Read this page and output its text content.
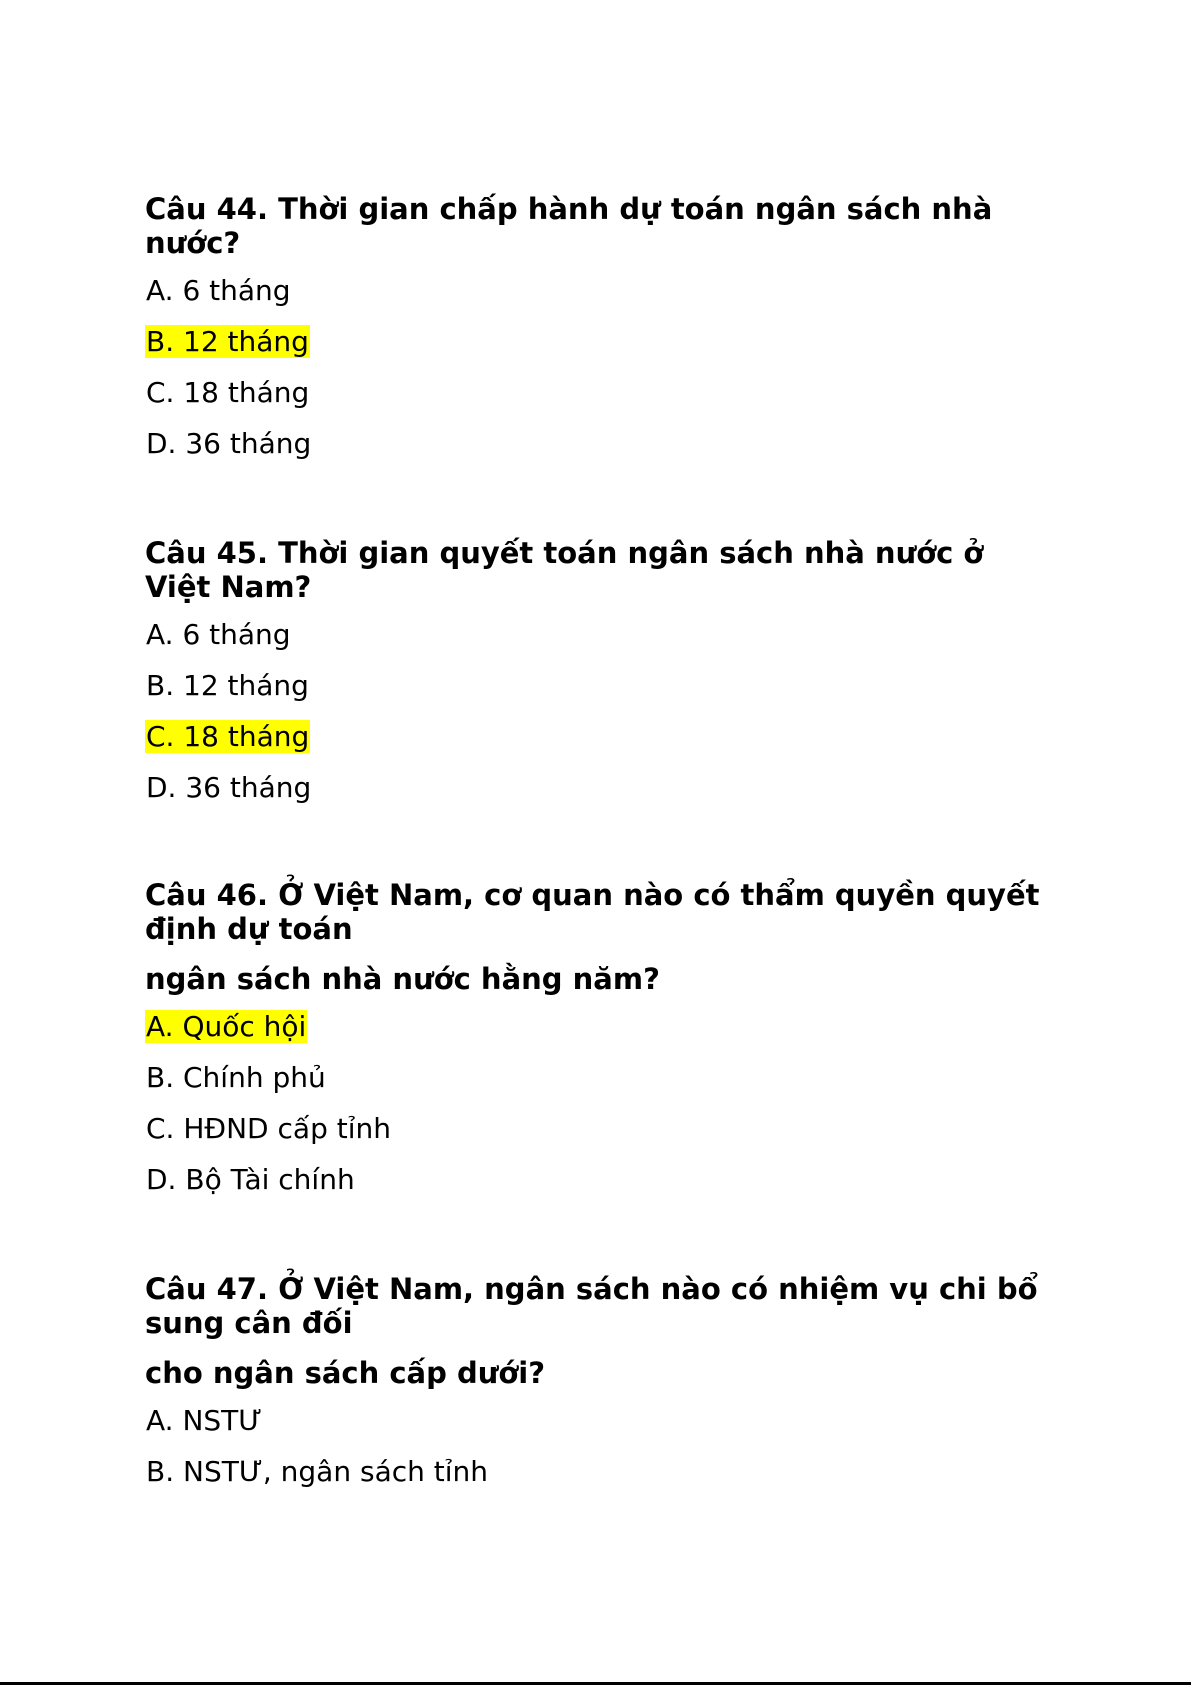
Câu 44. Thời gian chấp hành dự toán ngân sách nhà nước?

A. 6 tháng
B. 12 tháng
C. 18 tháng
D. 36 tháng

Câu 45. Thời gian quyết toán ngân sách nhà nước ở Việt Nam?

A. 6 tháng
B. 12 tháng
C. 18 tháng
D. 36 tháng

Câu 46. Ở Việt Nam, cơ quan nào có thẩm quyền quyết định dự toán

ngân sách nhà nước hằng năm?

A. Quốc hội
B. Chính phủ
C. HĐND cấp tỉnh
D. Bộ Tài chính

Câu 47. Ở Việt Nam, ngân sách nào có nhiệm vụ chi bổ sung cân đối

cho ngân sách cấp dưới?

A. NSTƯ
B. NSTƯ, ngân sách tỉnh
